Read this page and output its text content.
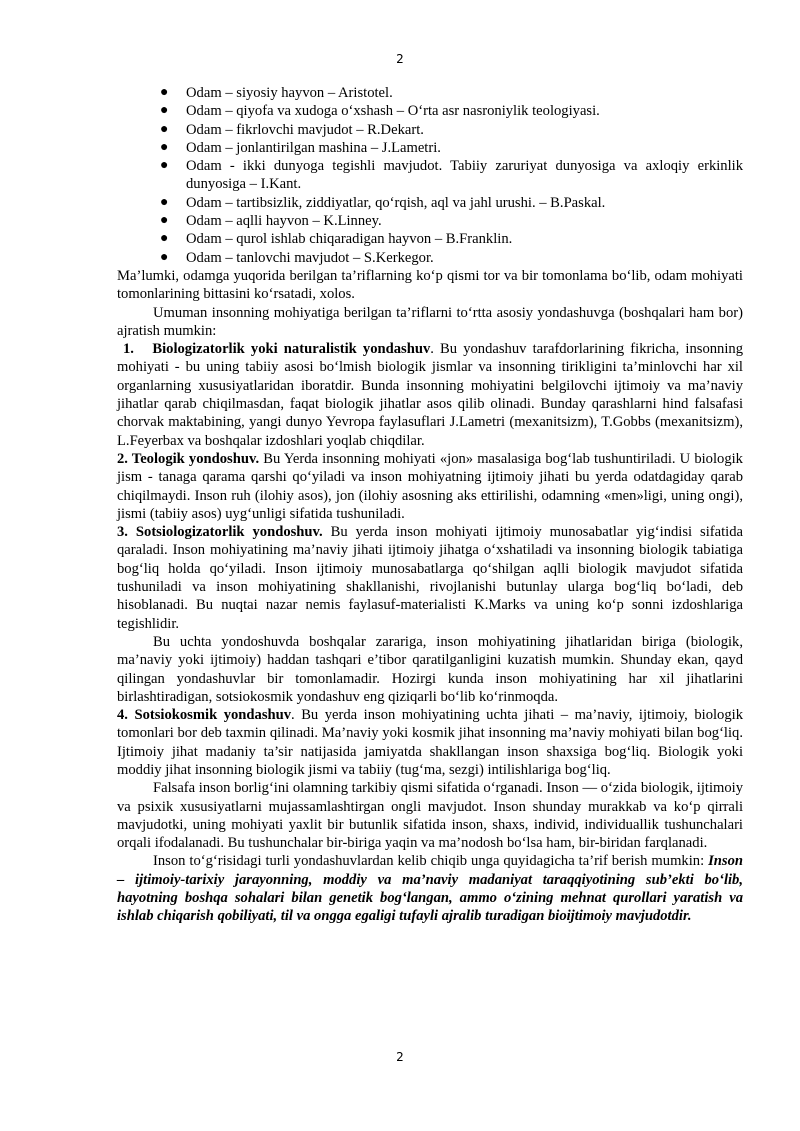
2
● Odam – siyosiy hayvon – Aristotel.
● Odam – qiyofa va xudoga o‘xshash – O‘rta asr nasroniylik teologiyasi.
● Odam – fikrlovchi mavjudot – R.Dekart.
● Odam – jonlantirilgan mashina – J.Lametri.
● Odam - ikki dunyoga tegishli mavjudot. Tabiiy zaruriyat dunyosiga va axloqiy erkinlik dunyosiga – I.Kant.
● Odam – tartibsizlik, ziddiyatlar, qo‘rqish, aql va jahl urushi. – B.Paskal.
● Odam – aqlli hayvon – K.Linney.
● Odam – qurol ishlab chiqaradigan hayvon – B.Franklin.
● Odam – tanlovchi mavjudot – S.Kerkegor.

Ma’lumki, odamga yuqorida berilgan ta’riflarning ko‘p qismi tor va bir tomonlama bo‘lib, odam mohiyati tomonlarining bittasini ko‘rsatadi, xolos.

Umuman insonning mohiyatiga berilgan ta’riflarni to‘rtta asosiy yondashuvga (boshqalari ham bor) ajratish mumkin:

1. Biologizatorlik yoki naturalistik yondashuv. Bu yondashuv tarafdorlarining fikricha, insonning mohiyati - bu uning tabiiy asosi bo‘lmish biologik jismlar va insonning tirikligini ta’minlovchi har xil organlarning xususiyatlaridan iboratdir. Bunda insonning mohiyatini belgilovchi ijtimoiy va ma’naviy jihatlar qarab chiqilmasdan, faqat biologik jihatlar asos qilib olinadi. Bunday qarashlarni hind falsafasi chorvak maktabining, yangi dunyo Yevropa faylasuflari J.Lametri (mexanitsizm), T.Gobbs (mexanitsizm), L.Feyerbax va boshqalar izdoshlari yoqlab chiqdilar.

2. Teologik yondoshuv. Bu Yerda insonning mohiyati «jon» masalasiga bog‘lab tushuntiriladi. U biologik jism - tanaga qarama qarshi qo‘yiladi va inson mohiyatning ijtimoiy jihati bu yerda odatdagiday qarab chiqilmaydi. Inson ruh (ilohiy asos), jon (ilohiy asosning aks ettirilishi, odamning «men»ligi, uning ongi), jismi (tabiiy asos) uyg‘unligi sifatida tushuniladi.

3. Sotsiologizatorlik yondoshuv. Bu yerda inson mohiyati ijtimoiy munosabatlar yig‘indisi sifatida qaraladi. Inson mohiyatining ma’naviy jihati ijtimoiy jihatga o‘xshatiladi va insonning biologik tabiatiga bog‘liq holda qo‘yiladi. Inson ijtimoiy munosabatlarga qo‘shilgan aqlli biologik mavjudot sifatida tushuniladi va inson mohiyatining shakllanishi, rivojlanishi butunlay ularga bog‘liq bo‘ladi, deb hisoblanadi. Bu nuqtai nazar nemis faylasuf-materialisti K.Marks va uning ko‘p sonni izdoshlariga tegishlidir.

Bu uchta yondoshuvda boshqalar zarariga, inson mohiyatining jihatlaridan biriga (biologik, ma’naviy yoki ijtimoiy) haddan tashqari e’tibor qaratilganligini kuzatish mumkin. Shunday ekan, qayd qilingan yondashuvlar bir tomonlamadir. Hozirgi kunda inson mohiyatining har xil jihatlarini birlashtiradigan, sotsiokosmik yondashuv eng qiziqarli bo‘lib ko‘rinmoqda.

4. Sotsiokosmik yondashuv. Bu yerda inson mohiyatining uchta jihati – ma’naviy, ijtimoiy, biologik tomonlari bor deb taxmin qilinadi. Ma’naviy yoki kosmik jihat insonning ma’naviy mohiyati bilan bog‘liq. Ijtimoiy jihat madaniy ta’sir natijasida jamiyatda shakllangan inson shaxsiga bog‘liq. Biologik yoki moddiy jihat insonning biologik jismi va tabiiy (tug‘ma, sezgi) intilishlariga bog‘liq.

Falsafa inson borlig‘ini olamning tarkibiy qismi sifatida o‘rganadi. Inson — o‘zida biologik, ijtimoiy va psixik xususiyatlarni mujassamlashtirgan ongli mavjudot. Inson shunday murakkab va ko‘p qirrali mavjudotki, uning mohiyati yaxlit bir butunlik sifatida inson, shaxs, individ, individuallik tushunchalari orqali ifodalanadi. Bu tushunchalar bir-biriga yaqin va ma’nodosh bo‘lsa ham, bir-biridan farqlanadi.

Inson to‘g‘risidagi turli yondashuvlardan kelib chiqib unga quyidagicha ta’rif berish mumkin: Inson – ijtimoiy-tarixiy jarayonning, moddiy va ma’naviy madaniyat taraqqiyotining sub’ekti bo‘lib, hayotning boshqa sohalari bilan genetik bog‘langan, ammo o‘zining mehnat qurollari yaratish va ishlab chiqarish qobiliyati, til va ongga egaligi tufayli ajralib turadigan bioijtimoiy mavjudotdir.

2
